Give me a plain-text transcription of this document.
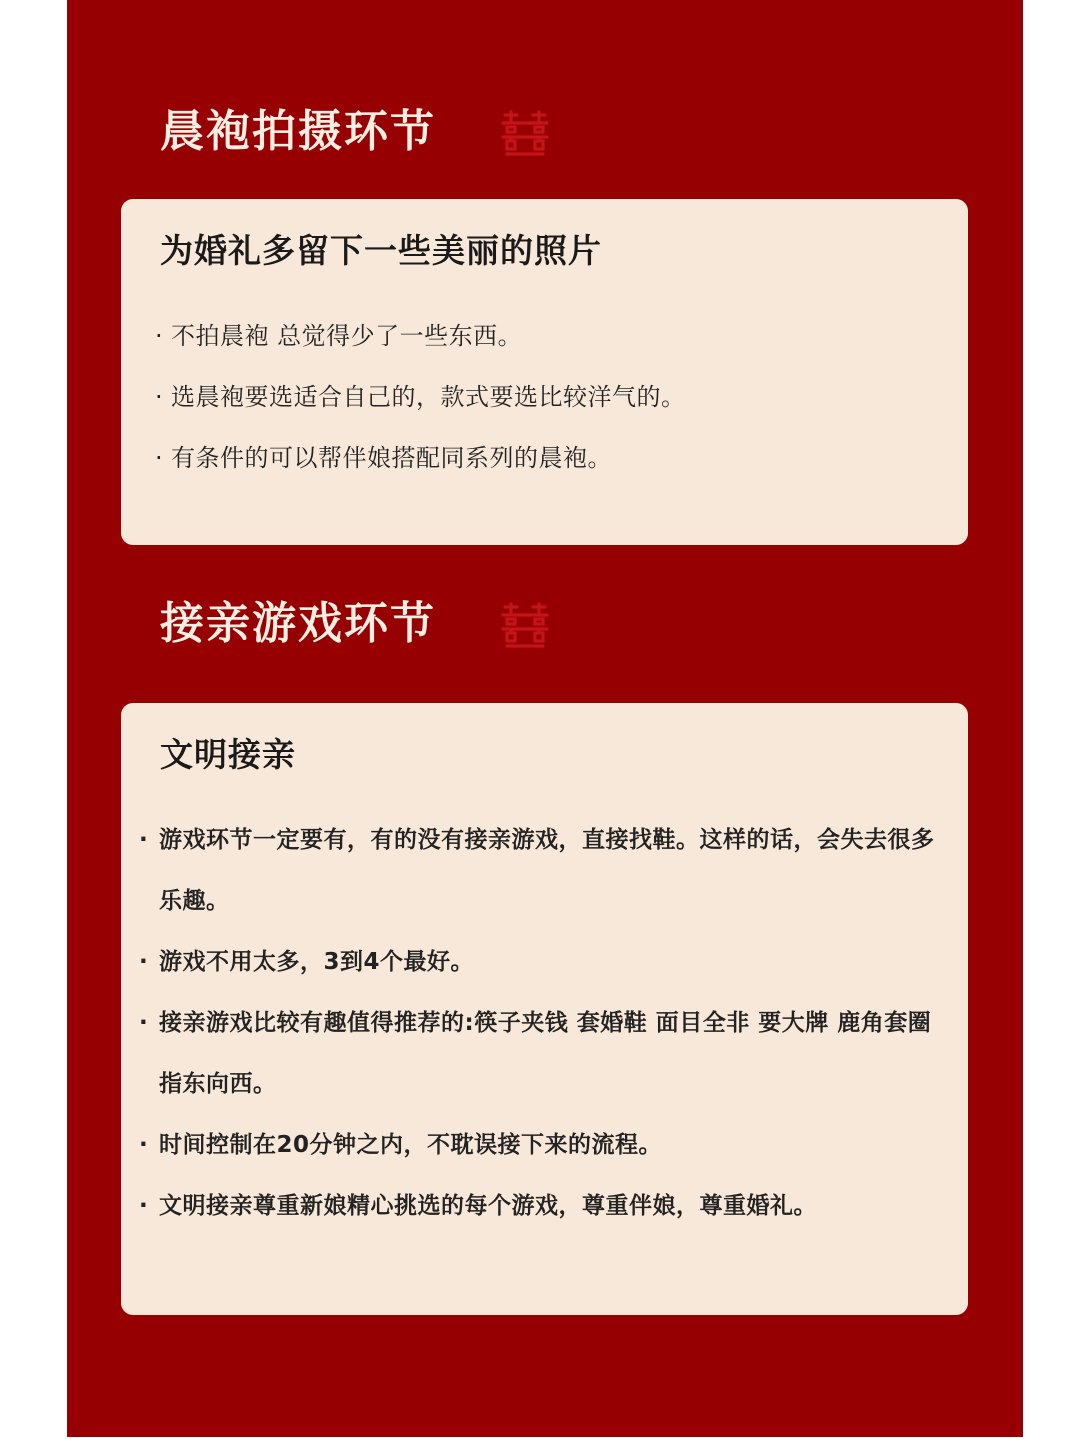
晨袍拍摄环节
为婚礼多留下一些美丽的照片
· 不拍晨袍 总觉得少了一些东西。
· 选晨袍要选适合自己的，款式要选比较洋气的。
· 有条件的可以帮伴娘搭配同系列的晨袍。
接亲游戏环节
文明接亲
· 游戏环节一定要有，有的没有接亲游戏，直接找鞋。这样的话，会失去很多乐趣。
· 游戏不用太多，3到4个最好。
· 接亲游戏比较有趣值得推荐的:筷子夹钱 套婚鞋 面目全非 要大牌 鹿角套圈 指东向西。
· 时间控制在20分钟之内，不耽误接下来的流程。
· 文明接亲尊重新娘精心挑选的每个游戏，尊重伴娘，尊重婚礼。
